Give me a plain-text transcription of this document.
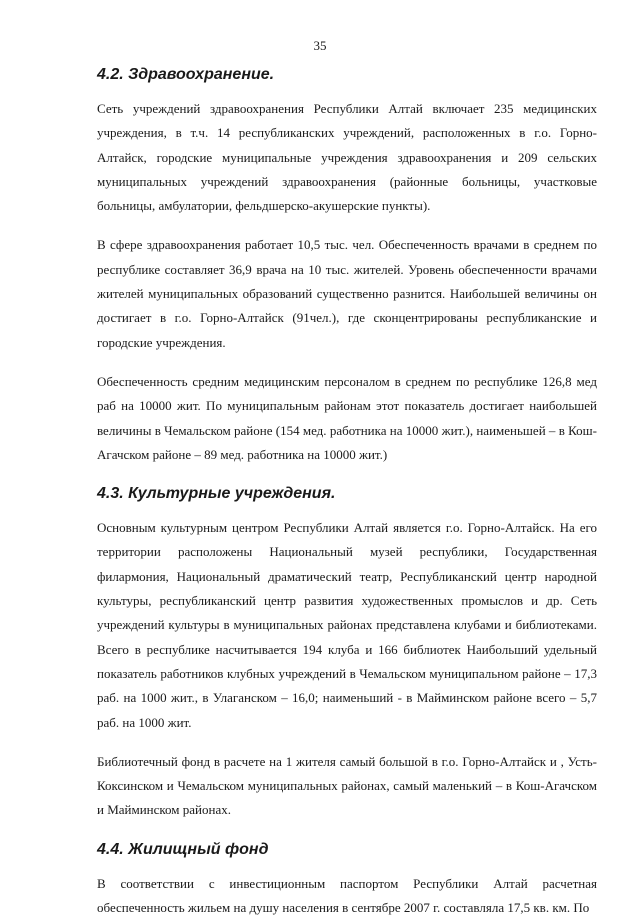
35
4.2. Здравоохранение.

Сеть учреждений здравоохранения Республики Алтай включает 235 медицинских учреждения, в т.ч. 14 республиканских учреждений, расположенных в г.о. Горно-Алтайск, городские муниципальные учреждения здравоохранения и 209 сельских муниципальных учреждений здравоохранения (районные больницы, участковые больницы, амбулатории, фельдшерско-акушерские пункты).

В сфере здравоохранения работает 10,5 тыс. чел. Обеспеченность врачами в среднем по республике составляет 36,9 врача на 10 тыс. жителей. Уровень обеспеченности врачами жителей муниципальных образований существенно разнится. Наибольшей величины он достигает в г.о. Горно-Алтайск (91чел.), где сконцентрированы республиканские и городские учреждения.

Обеспеченность средним медицинским персоналом в среднем по республике 126,8 мед раб на 10000 жит. По муниципальным районам этот показатель достигает наибольшей величины в Чемальском районе (154 мед. работника на 10000 жит.), наименьшей – в Кош-Агачском районе – 89 мед. работника на 10000 жит.)

4.3. Культурные учреждения.

Основным культурным центром Республики Алтай является г.о. Горно-Алтайск. На его территории расположены Национальный музей республики, Государственная филармония, Национальный драматический театр, Республиканский центр народной культуры, республиканский центр развития художественных промыслов и др. Сеть учреждений культуры в муниципальных районах представлена клубами и библиотеками. Всего в республике насчитывается 194 клуба и 166 библиотек Наибольший удельный показатель работников клубных учреждений в Чемальском муниципальном районе – 17,3 раб. на 1000 жит., в Улаганском – 16,0; наименьший - в Майминском районе всего – 5,7 раб. на 1000 жит.

Библиотечный фонд в расчете на 1 жителя самый большой в г.о. Горно-Алтайск и , Усть-Коксинском и Чемальском муниципальных районах, самый маленький – в Кош-Агачском и Майминском районах.

4.4. Жилищный фонд

В соответствии с инвестиционным паспортом Республики Алтай расчетная обеспеченность жильем на душу населения в сентябре 2007 г. составляла 17,5 кв. км. По
